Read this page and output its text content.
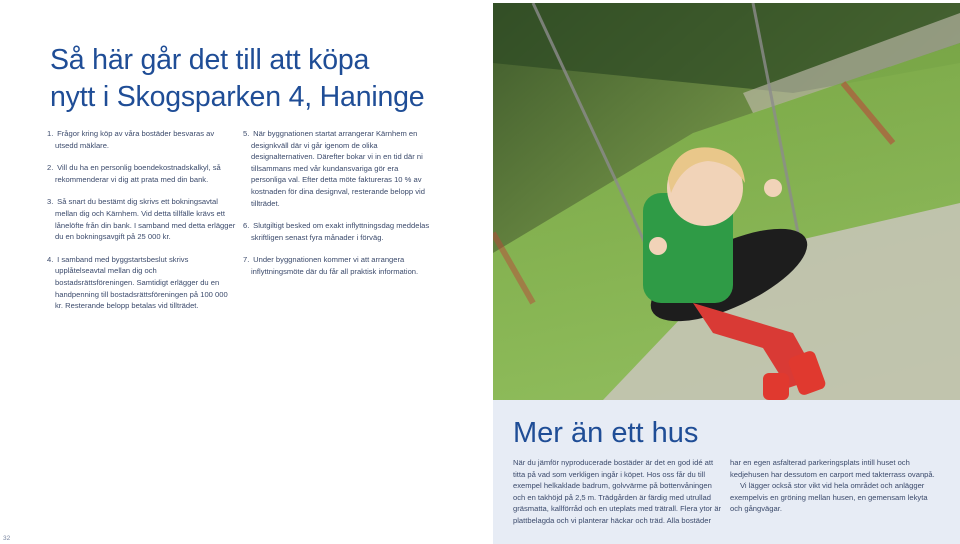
Så här går det till att köpa
nytt i Skogsparken 4, Haninge
1. Frågor kring köp av våra bostäder besvaras av utsedd mäklare.
2. Vill du ha en personlig boendekostnadskalkyl, så rekommenderar vi dig att prata med din bank.
3. Så snart du bestämt dig skrivs ett bokningsavtal mellan dig och Kärnhem. Vid detta tillfälle krävs ett lånelöfte från din bank. I samband med detta erlägger du en bokningsavgift på 25 000 kr.
4. I samband med byggstartsbeslut skrivs upplåtelseavtal mellan dig och bostadsrättsföreningen. Samtidigt erlägger du en handpenning till bostadsrättsföreningen på 100 000 kr. Resterande belopp betalas vid tillträdet.
5. När byggnationen startat arrangerar Kärnhem en designkväll där vi går igenom de olika designalternativen. Därefter bokar vi in en tid där ni tillsammans med vår kundansvariga gör era personliga val. Efter detta möte faktureras 10 % av kostnaden för dina designval, resterande belopp vid tillträdet.
6. Slutgiltigt besked om exakt inflyttningsdag meddelas skriftligen senast fyra månader i förväg.
7. Under byggnationen kommer vi att arrangera inflyttningsmöte där du får all praktisk information.
Mer än ett hus
När du jämför nyproducerade bostäder är det en god idé att titta på vad som verkligen ingår i köpet. Hos oss får du till exempel helkaklade badrum, golvvärme på bottenvåningen och en takhöjd på 2,5 m. Trädgården är färdig med utrullad gräsmatta, kallförråd och en uteplats med trätrall. Flera ytor är plattbelagda och vi planterar häckar och träd. Alla bostäder
har en egen asfalterad parkeringsplats intill huset och kedjehusen har dessutom en carport med takterrass ovanpå.
Vi lägger också stor vikt vid hela området och anlägger exempelvis en gröning mellan husen, en gemensam lekyta och gångvägar.
32
